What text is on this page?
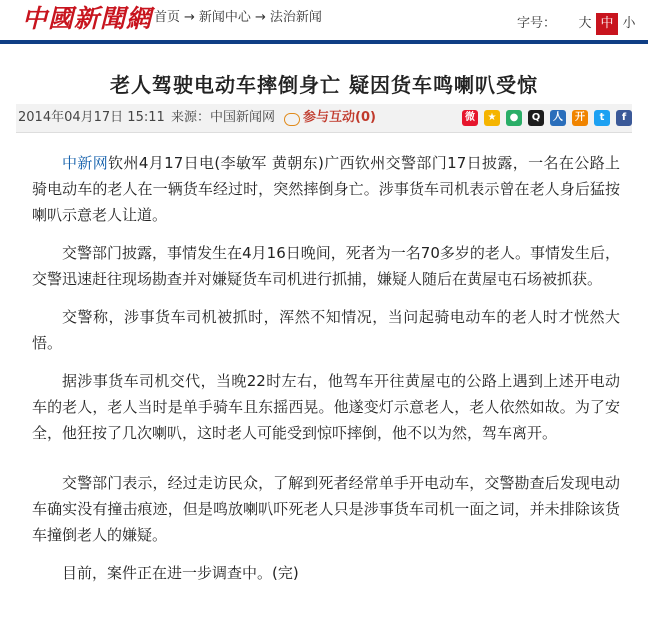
中國新聞網 首页 → 新闻中心 → 法治新闻	字号：	大 中 小
老人驾驶电动车摔倒身亡 疑因货车鸣喇叭受惊
2014年04月17日 15:11 来源：中国新闻网 参与互动(0)	微	★	●	Q	人	开	t	f

中新网钦州4月17日电(李敏军 黄朝东)广西钦州交警部门17日披露，一名在公路上骑电动车的老人在一辆货车经过时，突然摔倒身亡。涉事货车司机表示曾在老人身后猛按喇叭示意老人让道。

交警部门披露，事情发生在4月16日晚间，死者为一名70多岁的老人。事情发生后，交警迅速赶往现场勘查并对嫌疑货车司机进行抓捕，嫌疑人随后在黄屋屯石场被抓获。

交警称，涉事货车司机被抓时，浑然不知情况，当问起骑电动车的老人时才恍然大悟。

据涉事货车司机交代，当晚22时左右，他驾车开往黄屋屯的公路上遇到上述开电动车的老人，老人当时是单手骑车且东摇西晃。他遂变灯示意老人，老人依然如故。为了安全，他狂按了几次喇叭，这时老人可能受到惊吓摔倒，他不以为然，驾车离开。

交警部门表示，经过走访民众，了解到死者经常单手开电动车，交警勘查后发现电动车确实没有撞击痕迹，但是鸣放喇叭吓死老人只是涉事货车司机一面之词，并未排除该货车撞倒老人的嫌疑。

目前，案件正在进一步调查中。(完)
